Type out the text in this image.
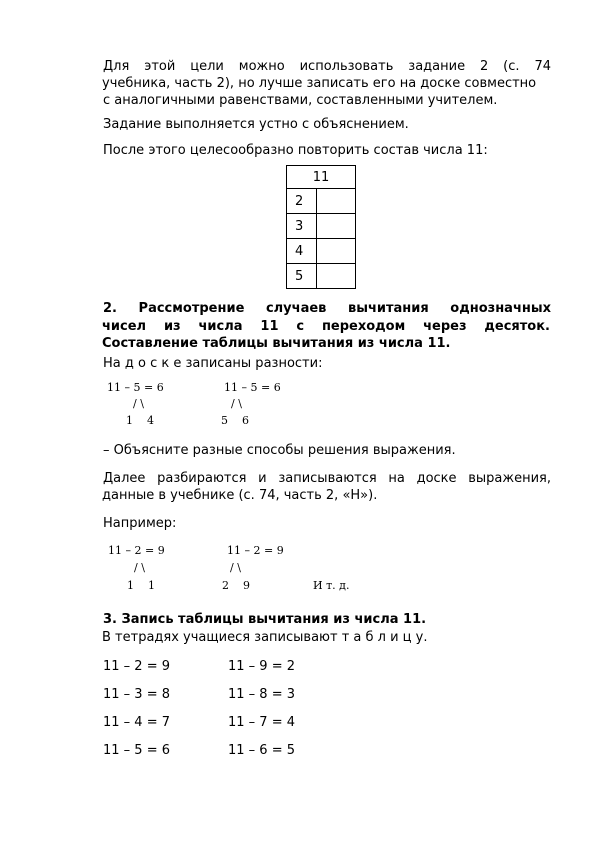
Для этой цели можно использовать задание 2 (с. 74
учебника, часть 2), но лучше записать его на доске совместно
с аналогичными равенствами, составленными учителем.
Задание выполняется устно с объяснением.
После этого целесообразно повторить состав числа 11:
11	
2	
3	
4	
5	
2. Рассмотрение случаев вычитания однозначных
чисел из числа 11 с переходом через десяток.
Составление таблицы вычитания из числа 11.
На д о с к е записаны разности:
11 – 5 = 6
/ \
1    4
11 – 5 = 6
/ \
5    6
– Объясните разные способы решения выражения.
Далее разбираются и записываются на доске выражения,
данные в учебнике (с. 74, часть 2, «Н»).
Например:
11 – 2 = 9
/ \
1    1
11 – 2 = 9
/ \
2    9	И т. д.
3. Запись таблицы вычитания из числа 11.
В тетрадях учащиеся записывают т а б л и ц у.
11 – 2 = 9	11 – 9 = 2
11 – 3 = 8	11 – 8 = 3
11 – 4 = 7	11 – 7 = 4
11 – 5 = 6	11 – 6 = 5
